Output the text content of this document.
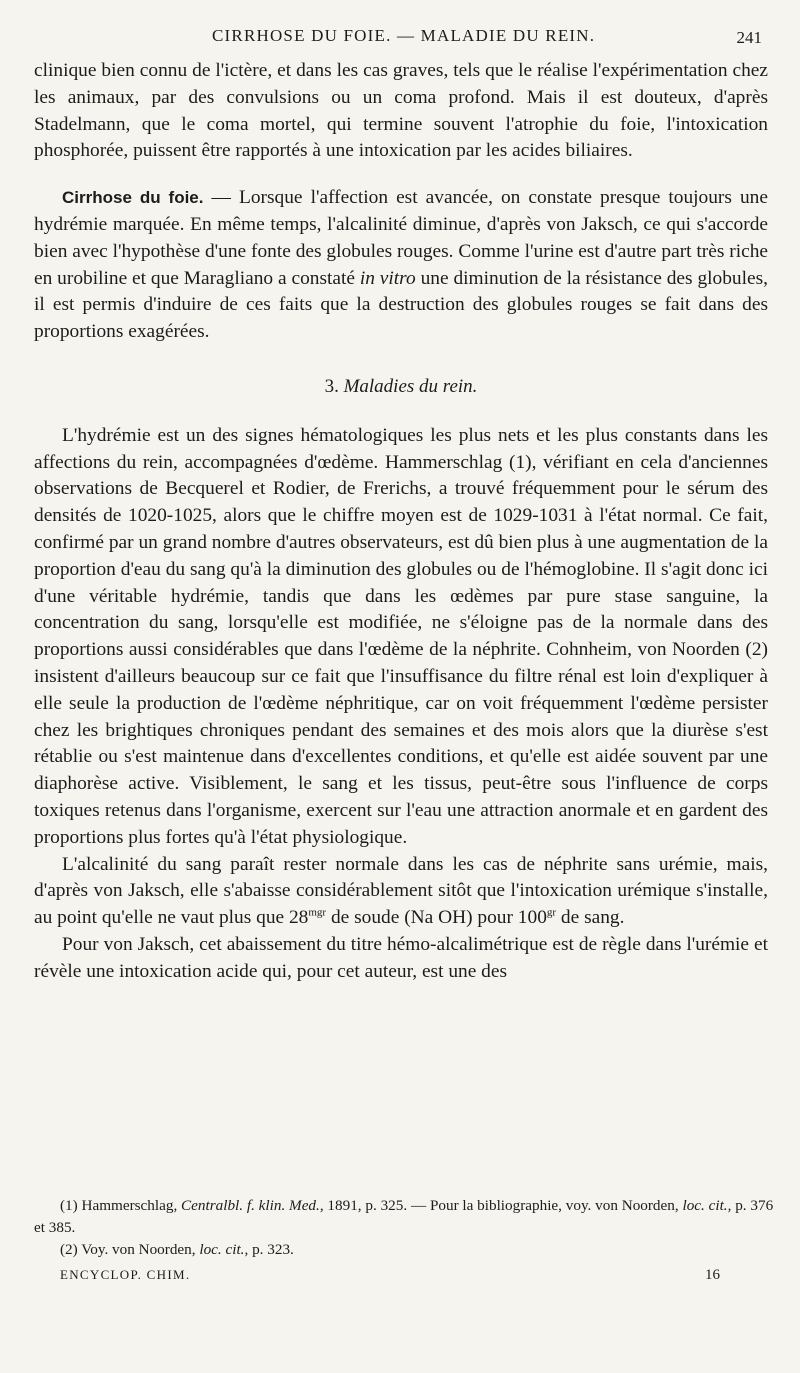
CIRRHOSE DU FOIE. — MALADIE DU REIN.	241

clinique bien connu de l'ictère, et dans les cas graves, tels que le réalise l'expérimentation chez les animaux, par des convulsions ou un coma profond. Mais il est douteux, d'après Stadelmann, que le coma mortel, qui termine souvent l'atrophie du foie, l'intoxication phosphorée, puissent être rapportés à une intoxication par les acides biliaires.

Cirrhose du foie. — Lorsque l'affection est avancée, on constate presque toujours une hydrémie marquée. En même temps, l'alcalinité diminue, d'après von Jaksch, ce qui s'accorde bien avec l'hypothèse d'une fonte des globules rouges. Comme l'urine est d'autre part très riche en urobiline et que Maragliano a constaté in vitro une diminution de la résistance des globules, il est permis d'induire de ces faits que la destruction des globules rouges se fait dans des proportions exagérées.

3. Maladies du rein.

L'hydrémie est un des signes hématologiques les plus nets et les plus constants dans les affections du rein, accompagnées d'œdème. Hammerschlag (1), vérifiant en cela d'anciennes observations de Becquerel et Rodier, de Frerichs, a trouvé fréquemment pour le sérum des densités de 1020-1025, alors que le chiffre moyen est de 1029-1031 à l'état normal. Ce fait, confirmé par un grand nombre d'autres observateurs, est dû bien plus à une augmentation de la proportion d'eau du sang qu'à la diminution des globules ou de l'hémoglobine. Il s'agit donc ici d'une véritable hydrémie, tandis que dans les œdèmes par pure stase sanguine, la concentration du sang, lorsqu'elle est modifiée, ne s'éloigne pas de la normale dans des proportions aussi considérables que dans l'œdème de la néphrite. Cohnheim, von Noorden (2) insistent d'ailleurs beaucoup sur ce fait que l'insuffisance du filtre rénal est loin d'expliquer à elle seule la production de l'œdème néphritique, car on voit fréquemment l'œdème persister chez les brightiques chroniques pendant des semaines et des mois alors que la diurèse s'est rétablie ou s'est maintenue dans d'excellentes conditions, et qu'elle est aidée souvent par une diaphorèse active. Visiblement, le sang et les tissus, peut-être sous l'influence de corps toxiques retenus dans l'organisme, exercent sur l'eau une attraction anormale et en gardent des proportions plus fortes qu'à l'état physiologique.

L'alcalinité du sang paraît rester normale dans les cas de néphrite sans urémie, mais, d'après von Jaksch, elle s'abaisse considérablement sitôt que l'intoxication urémique s'installe, au point qu'elle ne vaut plus que $28^{mgr}$ de soude (Na OH) pour $100^{gr}$ de sang.

Pour von Jaksch, cet abaissement du titre hémo-alcalimétrique est de règle dans l'urémie et révèle une intoxication acide qui, pour cet auteur, est une des

(1) Hammerschlag, Centralbl. f. klin. Med., 1891, p. 325. — Pour la bibliographie, voy. von Noorden, loc. cit., p. 376 et 385.

(2) Voy. von Noorden, loc. cit., p. 323.

ENCYCLOP. CHIM.	16
